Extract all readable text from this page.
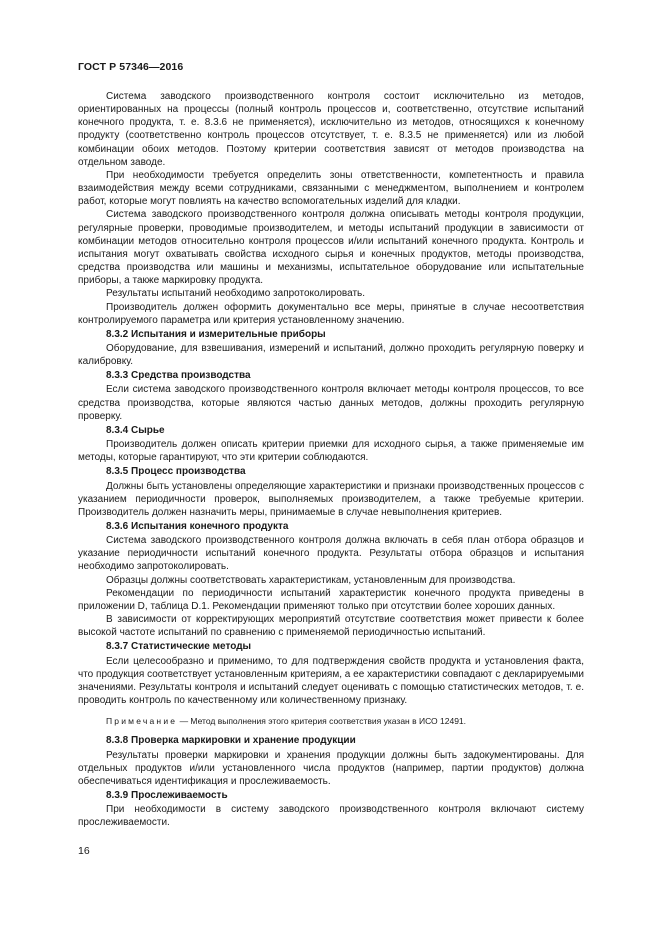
ГОСТ Р 57346—2016

Система заводского производственного контроля состоит исключительно из методов, ориентированных на процессы (полный контроль процессов и, соответственно, отсутствие испытаний конечного продукта, т. е. 8.3.6 не применяется), исключительно из методов, относящихся к конечному продукту (соответственно контроль процессов отсутствует, т. е. 8.3.5 не применяется) или из любой комбинации обоих методов. Поэтому критерии соответствия зависят от методов производства на отдельном заводе.

При необходимости требуется определить зоны ответственности, компетентность и правила взаимодействия между всеми сотрудниками, связанными с менеджментом, выполнением и контролем работ, которые могут повлиять на качество вспомогательных изделий для кладки.

Система заводского производственного контроля должна описывать методы контроля продукции, регулярные проверки, проводимые производителем, и методы испытаний продукции в зависимости от комбинации методов относительно контроля процессов и/или испытаний конечного продукта. Контроль и испытания могут охватывать свойства исходного сырья и конечных продуктов, методы производства, средства производства или машины и механизмы, испытательное оборудование или испытательные приборы, а также маркировку продукта.

Результаты испытаний необходимо запротоколировать.

Производитель должен оформить документально все меры, принятые в случае несоответствия контролируемого параметра или критерия установленному значению.

8.3.2 Испытания и измерительные приборы

Оборудование, для взвешивания, измерений и испытаний, должно проходить регулярную поверку и калибровку.

8.3.3 Средства производства

Если система заводского производственного контроля включает методы контроля процессов, то все средства производства, которые являются частью данных методов, должны проходить регулярную проверку.

8.3.4 Сырье

Производитель должен описать критерии приемки для исходного сырья, а также применяемые им методы, которые гарантируют, что эти критерии соблюдаются.

8.3.5 Процесс производства

Должны быть установлены определяющие характеристики и признаки производственных процессов с указанием периодичности проверок, выполняемых производителем, а также требуемые критерии. Производитель должен назначить меры, принимаемые в случае невыполнения критериев.

8.3.6 Испытания конечного продукта

Система заводского производственного контроля должна включать в себя план отбора образцов и указание периодичности испытаний конечного продукта. Результаты отбора образцов и испытания необходимо запротоколировать.

Образцы должны соответствовать характеристикам, установленным для производства.

Рекомендации по периодичности испытаний характеристик конечного продукта приведены в приложении D, таблица D.1. Рекомендации применяют только при отсутствии более хороших данных.

В зависимости от корректирующих мероприятий отсутствие соответствия может привести к более высокой частоте испытаний по сравнению с применяемой периодичностью испытаний.

8.3.7 Статистические методы

Если целесообразно и применимо, то для подтверждения свойств продукта и установления факта, что продукция соответствует установленным критериям, а ее характеристики совпадают с декларируемыми значениями. Результаты контроля и испытаний следует оценивать с помощью статистических методов, т. е. проводить контроль по качественному или количественному признаку.

Примечание — Метод выполнения этого критерия соответствия указан в ИСО 12491.

8.3.8 Проверка маркировки и хранение продукции

Результаты проверки маркировки и хранения продукции должны быть задокументированы. Для отдельных продуктов и/или установленного числа продуктов (например, партии продуктов) должна обеспечиваться идентификация и прослеживаемость.

8.3.9 Прослеживаемость

При необходимости в систему заводского производственного контроля включают систему прослеживаемости.

16
